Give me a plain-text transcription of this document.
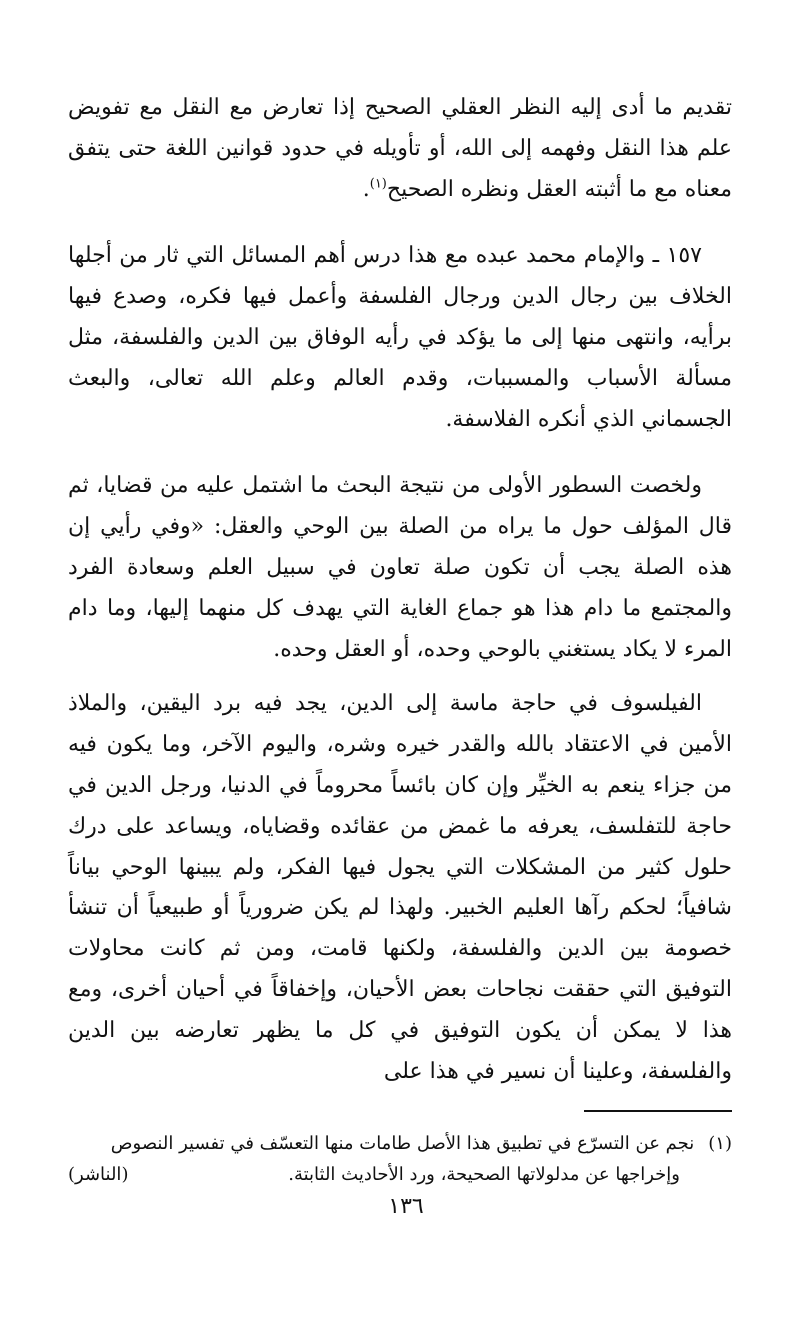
تقديم ما أدى إليه النظر العقلي الصحيح إذا تعارض مع النقل مع تفويض علم هذا النقل وفهمه إلى الله، أو تأويله في حدود قوانين اللغة حتى يتفق معناه مع ما أثبته العقل ونظره الصحيح$^{(١)}$.

١٥٧ ـ والإمام محمد عبده مع هذا درس أهم المسائل التي ثار من أجلها الخلاف بين رجال الدين ورجال الفلسفة وأعمل فيها فكره، وصدع فيها برأيه، وانتهى منها إلى ما يؤكد في رأيه الوفاق بين الدين والفلسفة، مثل مسألة الأسباب والمسببات، وقدم العالم وعلم الله تعالى، والبعث الجسماني الذي أنكره الفلاسفة.

ولخصت السطور الأولى من نتيجة البحث ما اشتمل عليه من قضايا، ثم قال المؤلف حول ما يراه من الصلة بين الوحي والعقل: «وفي رأيي إن هذه الصلة يجب أن تكون صلة تعاون في سبيل العلم وسعادة الفرد والمجتمع ما دام هذا هو جماع الغاية التي يهدف كل منهما إليها، وما دام المرء لا يكاد يستغني بالوحي وحده، أو العقل وحده.

الفيلسوف في حاجة ماسة إلى الدين، يجد فيه برد اليقين، والملاذ الأمين في الاعتقاد بالله والقدر خيره وشره، واليوم الآخر، وما يكون فيه من جزاء ينعم به الخيِّر وإن كان بائساً محروماً في الدنيا، ورجل الدين في حاجة للتفلسف، يعرفه ما غمض من عقائده وقضاياه، ويساعد على درك حلول كثير من المشكلات التي يجول فيها الفكر، ولم يبينها الوحي بياناً شافياً؛ لحكم رآها العليم الخبير. ولهذا لم يكن ضرورياً أو طبيعياً أن تنشأ خصومة بين الدين والفلسفة، ولكنها قامت، ومن ثم كانت محاولات التوفيق التي حققت نجاحات بعض الأحيان، وإخفاقاً في أحيان أخرى، ومع هذا لا يمكن أن يكون التوفيق في كل ما يظهر تعارضه بين الدين والفلسفة، وعلينا أن نسير في هذا على

(١)
نجم عن التسرّع في تطبيق هذا الأصل طامات منها التعسّف في تفسير النصوص
وإخراجها عن مدلولاتها الصحيحة، ورد الأحاديث الثابتة.
(الناشر)
١٣٦
